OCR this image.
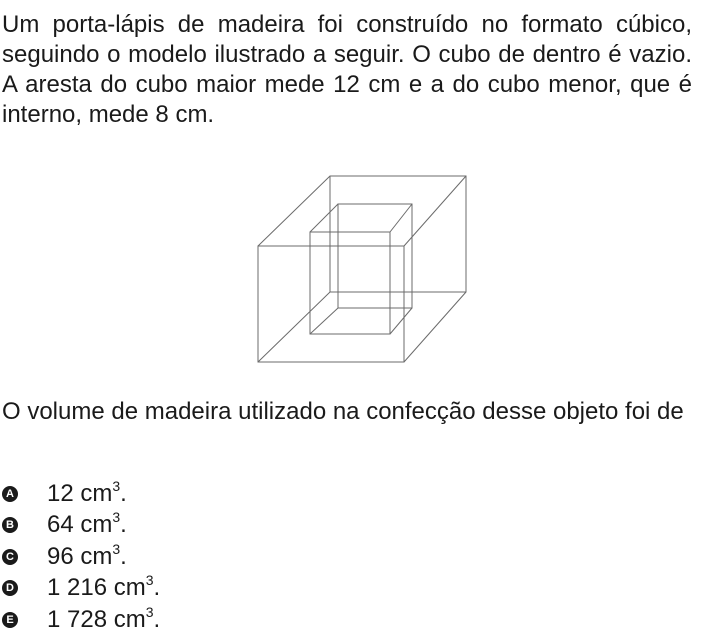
Um porta-lápis de madeira foi construído no formato cúbico, seguindo o modelo ilustrado a seguir. O cubo de dentro é vazio. A aresta do cubo maior mede 12 cm e a do cubo menor, que é interno, mede 8 cm.

O volume de madeira utilizado na confecção desse objeto foi de

A 12 $cm^3$.
B 64 $cm^3$.
C 96 $cm^3$.
D 1 216 $cm^3$.
E 1 728 $cm^3$.
